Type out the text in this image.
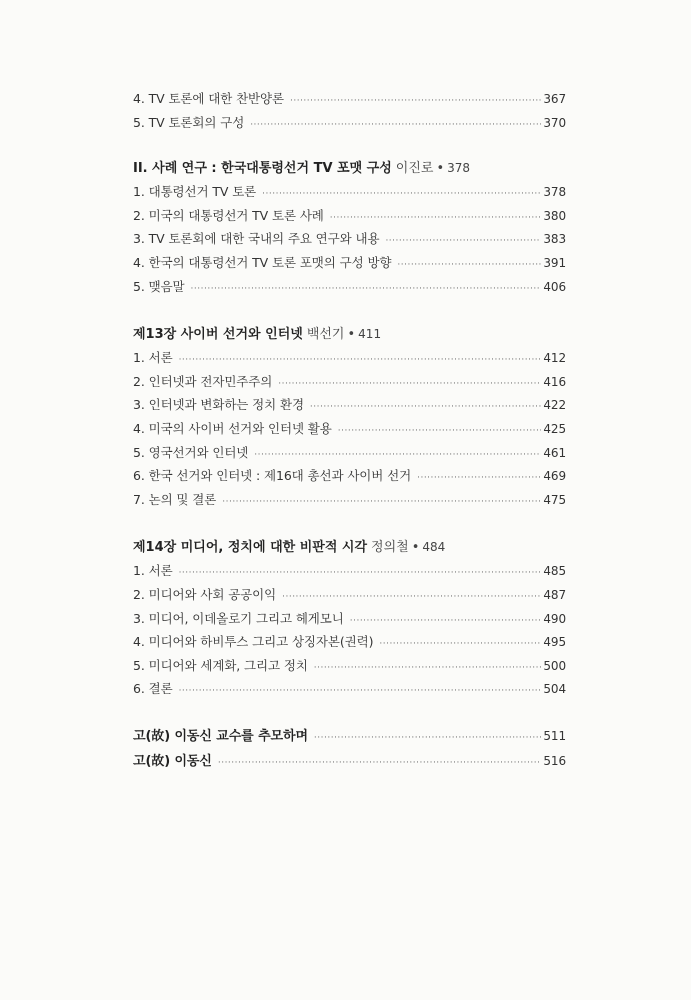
4. TV 토론에 대한 찬반양론 ·····	367
5. TV 토론회의 구성 ·····	370
II. 사례 연구 : 한국대통령선거 TV 포맷 구성 이진로 • 378
1. 대통령선거 TV 토론 ·····	378
2. 미국의 대통령선거 TV 토론 사례 ·····	380
3. TV 토론회에 대한 국내의 주요 연구와 내용 ·····	383
4. 한국의 대통령선거 TV 토론 포맷의 구성 방향 ·····	391
5. 맺음말 ·····	406
제13장 사이버 선거와 인터넷 백선기 • 411
1. 서론 ·····	412
2. 인터넷과 전자민주주의 ·····	416
3. 인터넷과 변화하는 정치 환경 ·····	422
4. 미국의 사이버 선거와 인터넷 활용 ·····	425
5. 영국선거와 인터넷 ·····	461
6. 한국 선거와 인터넷 : 제16대 총선과 사이버 선거 ·····	469
7. 논의 및 결론 ·····	475
제14장 미디어, 정치에 대한 비판적 시각 정의철 • 484
1. 서론 ·····	485
2. 미디어와 사회 공공이익 ·····	487
3. 미디어, 이데올로기 그리고 헤게모니 ·····	490
4. 미디어와 하비투스 그리고 상징자본(권력) ·····	495
5. 미디어와 세계화, 그리고 정치 ·····	500
6. 결론 ·····	504
고(故) 이동신 교수를 추모하며 ·····	511
고(故) 이동신 ·····	516
